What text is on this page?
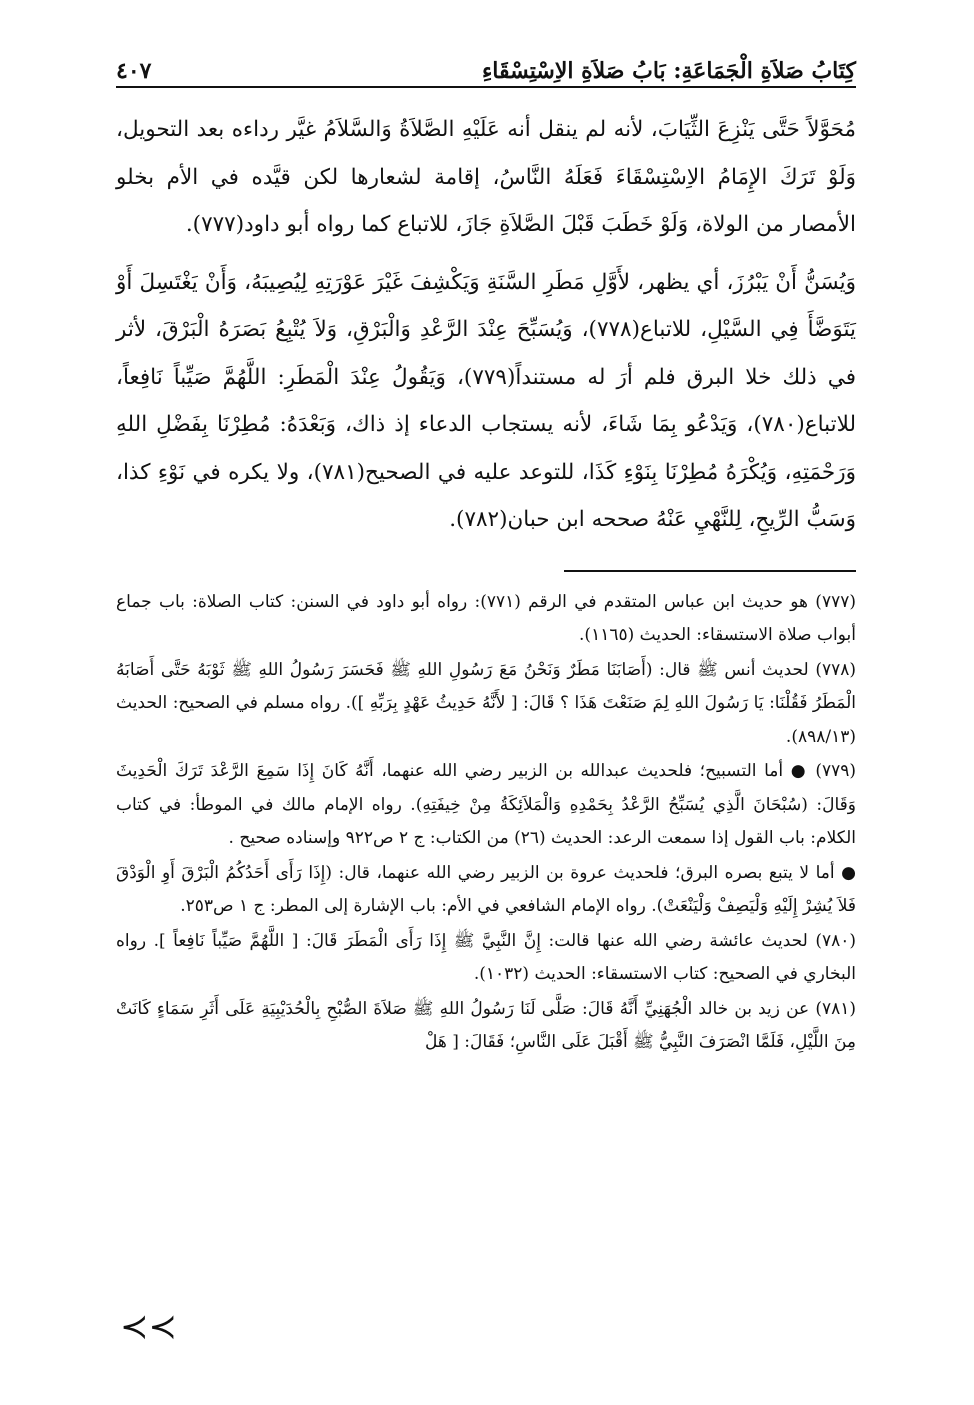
كِتَابُ صَلاَةِ الْجَمَاعَةِ: بَابُ صَلاَةِ الاِسْتِسْقَاءِ
٤٠٧

مُحَوَّلاً حَتَّى يَنْزِعَ الثِّيَابَ، لأنه لم ينقل أنه عَلَيْهِ الصَّلاَةُ وَالسَّلاَمُ غيَّر رداءه بعد التحويل، وَلَوْ تَرَكَ الإِمَامُ الاِسْتِسْقَاءَ فَعَلَهُ النَّاسُ، إقامة لشعارها لكن قيَّده في الأم بخلو الأمصار من الولاة، وَلَوْ خَطَبَ قَبْلَ الصَّلاَةِ جَازَ، للاتباع كما رواه أبو داود(٧٧٧).

وَيُسَنُّ أَنْ يَبْرُزَ، أي يظهر، لأَوَّلِ مَطَرِ السَّنَةِ وَيَكْشِفَ غَيْرَ عَوْرَتِهِ لِيُصِيبَهُ، وَأَنْ يَغْتَسِلَ أَوْ يَتَوَضَّأَ فِي السَّيْلِ، للاتباع(٧٧٨)، وَيُسَبِّحَ عِنْدَ الرَّعْدِ وَالْبَرْقِ، وَلاَ يُتْبِعُ بَصَرَهُ الْبَرْقَ، لأثر في ذلك خلا البرق فلم أرَ له مستنداً(٧٧٩)، وَيَقُولُ عِنْدَ الْمَطَرِ: اللَّهُمَّ صَيِّباً نَافِعاً، للاتباع(٧٨٠)، وَيَدْعُو بِمَا شَاءَ، لأنه يستجاب الدعاء إذ ذاك، وَبَعْدَهُ: مُطِرْنَا بِفَضْلِ اللهِ وَرَحْمَتِهِ، وَيُكْرَهُ مُطِرْنَا بِنَوْءِ كَذَا، للتوعد عليه في الصحيح(٧٨١)، ولا يكره في نَوْءِ كذا، وَسَبُّ الرِّيحِ، لِلنَّهْيِ عَنْهُ صححه ابن حبان(٧٨٢).

(٧٧٧) هو حديث ابن عباس المتقدم في الرقم (٧٧١): رواه أبو داود في السنن: كتاب الصلاة: باب جماع أبواب صلاة الاستسقاء: الحديث (١١٦٥).

(٧٧٨) لحديث أنس ﷺ قال: (أَصَابَنَا مَطَرٌ وَنَحْنُ مَعَ رَسُولِ اللهِ ﷺ فَحَسَرَ رَسُولُ اللهِ ﷺ ثَوْبَهُ حَتَّى أَصَابَهُ الْمَطَرُ فَقُلْنَا: يَا رَسُولَ اللهِ لِمَ صَنَعْتَ هَذَا ؟ قَالَ: [ لأَنَّهُ حَدِيثُ عَهْدٍ بِرَبِّهِ ]). رواه مسلم في الصحيح: الحديث (٨٩٨/١٣).

(٧٧٩) ● أما التسبيح؛ فلحديث عبدالله بن الزبير رضي الله عنهما، أَنَّهُ كَانَ إِذَا سَمِعَ الرَّعْدَ تَرَكَ الْحَدِيثَ وَقَالَ: (سُبْحَانَ الَّذِي يُسَبِّحُ الرَّعْدُ بِحَمْدِهِ وَالْمَلاَئِكَةُ مِنْ خِيفَتِهِ). رواه الإمام مالك في الموطأ: في كتاب الكلام: باب القول إذا سمعت الرعد: الحديث (٢٦) من الكتاب: ج ٢ ص٩٢٢ وإسناده صحيح .

● أما لا يتبع بصره البرق؛ فلحديث عروة بن الزبير رضي الله عنهما، قال: (إِذَا رَأَى أَحَدُكُمُ الْبَرْقَ أَوِ الْوَدْقَ فَلاَ يُشِرْ إِلَيْهِ وَلْيَصِفْ وَلْيَنْعَتْ). رواه الإمام الشافعي في الأم: باب الإشارة إلى المطر: ج ١ ص٢٥٣.

(٧٨٠) لحديث عائشة رضي الله عنها قالت: إِنَّ النَّبِيَّ ﷺ إِذَا رَأَى الْمَطَرَ قَالَ: [ اللَّهُمَّ صَيِّباً نَافِعاً ]. رواه البخاري في الصحيح: كتاب الاستسقاء: الحديث (١٠٣٢).

(٧٨١) عن زيد بن خالد الْجُهَنِيِّ أَنَّهُ قَالَ: صَلَّى لَنَا رَسُولُ اللهِ ﷺ صَلاَةَ الصُّبْحِ بِالْحُدَيْبِيَةِ عَلَى أَثَرِ سَمَاءٍ كَانَتْ مِنَ اللَّيْلِ، فَلَمَّا انْصَرَفَ النَّبِيُّ ﷺ أَقْبَلَ عَلَى النَّاسِ؛ فَقَالَ: [ هَلْ

≺≺
